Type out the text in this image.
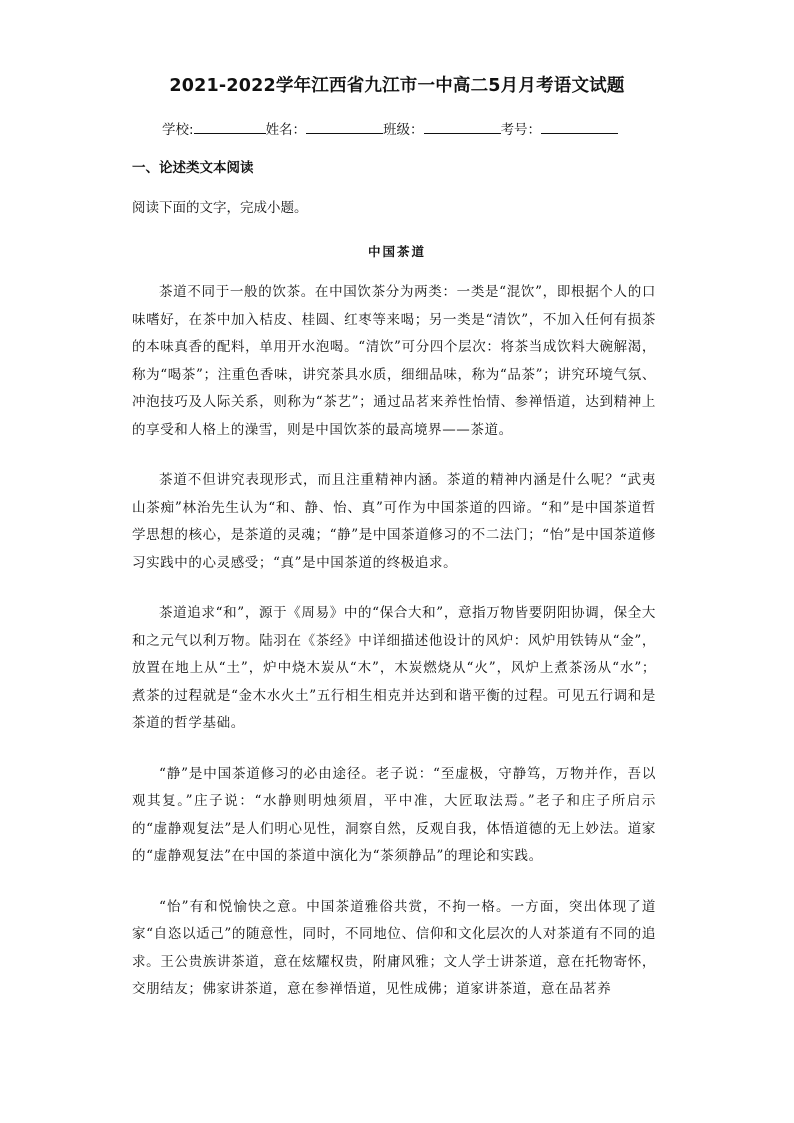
2021-2022学年江西省九江市一中高二5月月考语文试题
学校:	姓名：	班级：	考号：
一、论述类文本阅读

阅读下面的文字，完成小题。

中国茶道

茶道不同于一般的饮茶。在中国饮茶分为两类：一类是“混饮”，即根据个人的口味嗜好，在茶中加入桔皮、桂圆、红枣等来喝；另一类是“清饮”，不加入任何有损茶的本味真香的配料，单用开水泡喝。“清饮”可分四个层次：将茶当成饮料大碗解渴，称为“喝茶”；注重色香味，讲究茶具水质，细细品味，称为“品茶”；讲究环境气氛、冲泡技巧及人际关系，则称为“茶艺”；通过品茗来养性怡情、参禅悟道，达到精神上的享受和人格上的澡雪，则是中国饮茶的最高境界——茶道。

茶道不但讲究表现形式，而且注重精神内涵。茶道的精神内涵是什么呢？“武夷山茶痴”林治先生认为“和、静、怡、真”可作为中国茶道的四谛。“和”是中国茶道哲学思想的核心，是茶道的灵魂；“静”是中国茶道修习的不二法门；“怡”是中国茶道修习实践中的心灵感受；“真”是中国茶道的终极追求。

茶道追求“和”，源于《周易》中的“保合大和”，意指万物皆要阴阳协调，保全大和之元气以利万物。陆羽在《茶经》中详细描述他设计的风炉：风炉用铁铸从“金”，放置在地上从“土”，炉中烧木炭从“木”，木炭燃烧从“火”，风炉上煮茶汤从“水”；煮茶的过程就是“金木水火土”五行相生相克并达到和谐平衡的过程。可见五行调和是茶道的哲学基础。

“静”是中国茶道修习的必由途径。老子说：“至虚极，守静笃，万物并作，吾以观其复。”庄子说：“水静则明烛须眉，平中准，大匠取法焉。”老子和庄子所启示的“虚静观复法”是人们明心见性，洞察自然，反观自我，体悟道德的无上妙法。道家的“虚静观复法”在中国的茶道中演化为“茶须静品”的理论和实践。

“怡”有和悦愉快之意。中国茶道雅俗共赏，不拘一格。一方面，突出体现了道家“自恣以适己”的随意性，同时，不同地位、信仰和文化层次的人对茶道有不同的追求。王公贵族讲茶道，意在炫耀权贵，附庸风雅；文人学士讲茶道，意在托物寄怀，交朋结友；佛家讲茶道，意在参禅悟道，见性成佛；道家讲茶道，意在品茗养
